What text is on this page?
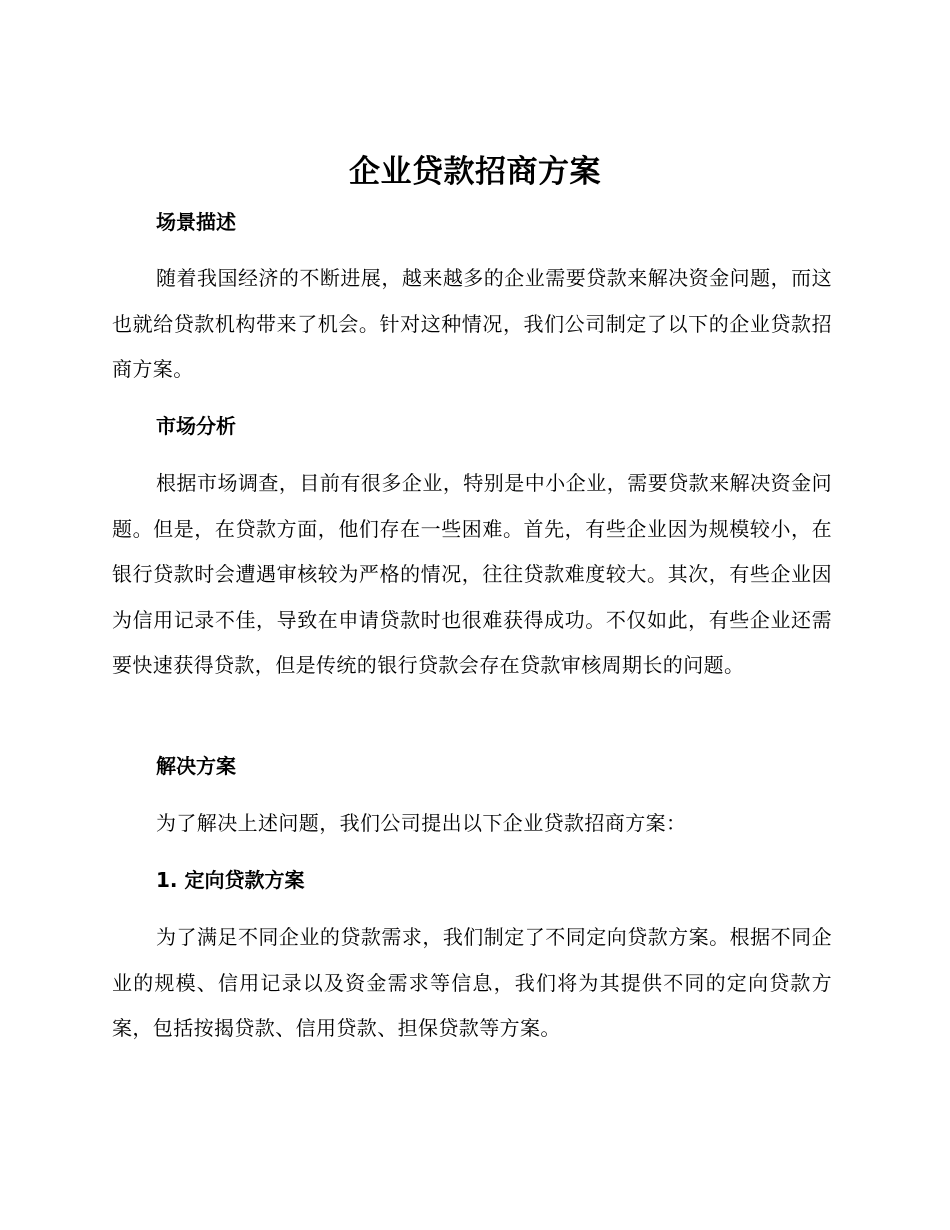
企业贷款招商方案
场景描述
随着我国经济的不断进展，越来越多的企业需要贷款来解决资金问题，而这也就给贷款机构带来了机会。针对这种情况，我们公司制定了以下的企业贷款招商方案。
市场分析
根据市场调查，目前有很多企业，特别是中小企业，需要贷款来解决资金问题。但是，在贷款方面，他们存在一些困难。首先，有些企业因为规模较小，在银行贷款时会遭遇审核较为严格的情况，往往贷款难度较大。其次，有些企业因为信用记录不佳，导致在申请贷款时也很难获得成功。不仅如此，有些企业还需要快速获得贷款，但是传统的银行贷款会存在贷款审核周期长的问题。
解决方案
为了解决上述问题，我们公司提出以下企业贷款招商方案：
1. 定向贷款方案
为了满足不同企业的贷款需求，我们制定了不同定向贷款方案。根据不同企业的规模、信用记录以及资金需求等信息，我们将为其提供不同的定向贷款方案，包括按揭贷款、信用贷款、担保贷款等方案。
